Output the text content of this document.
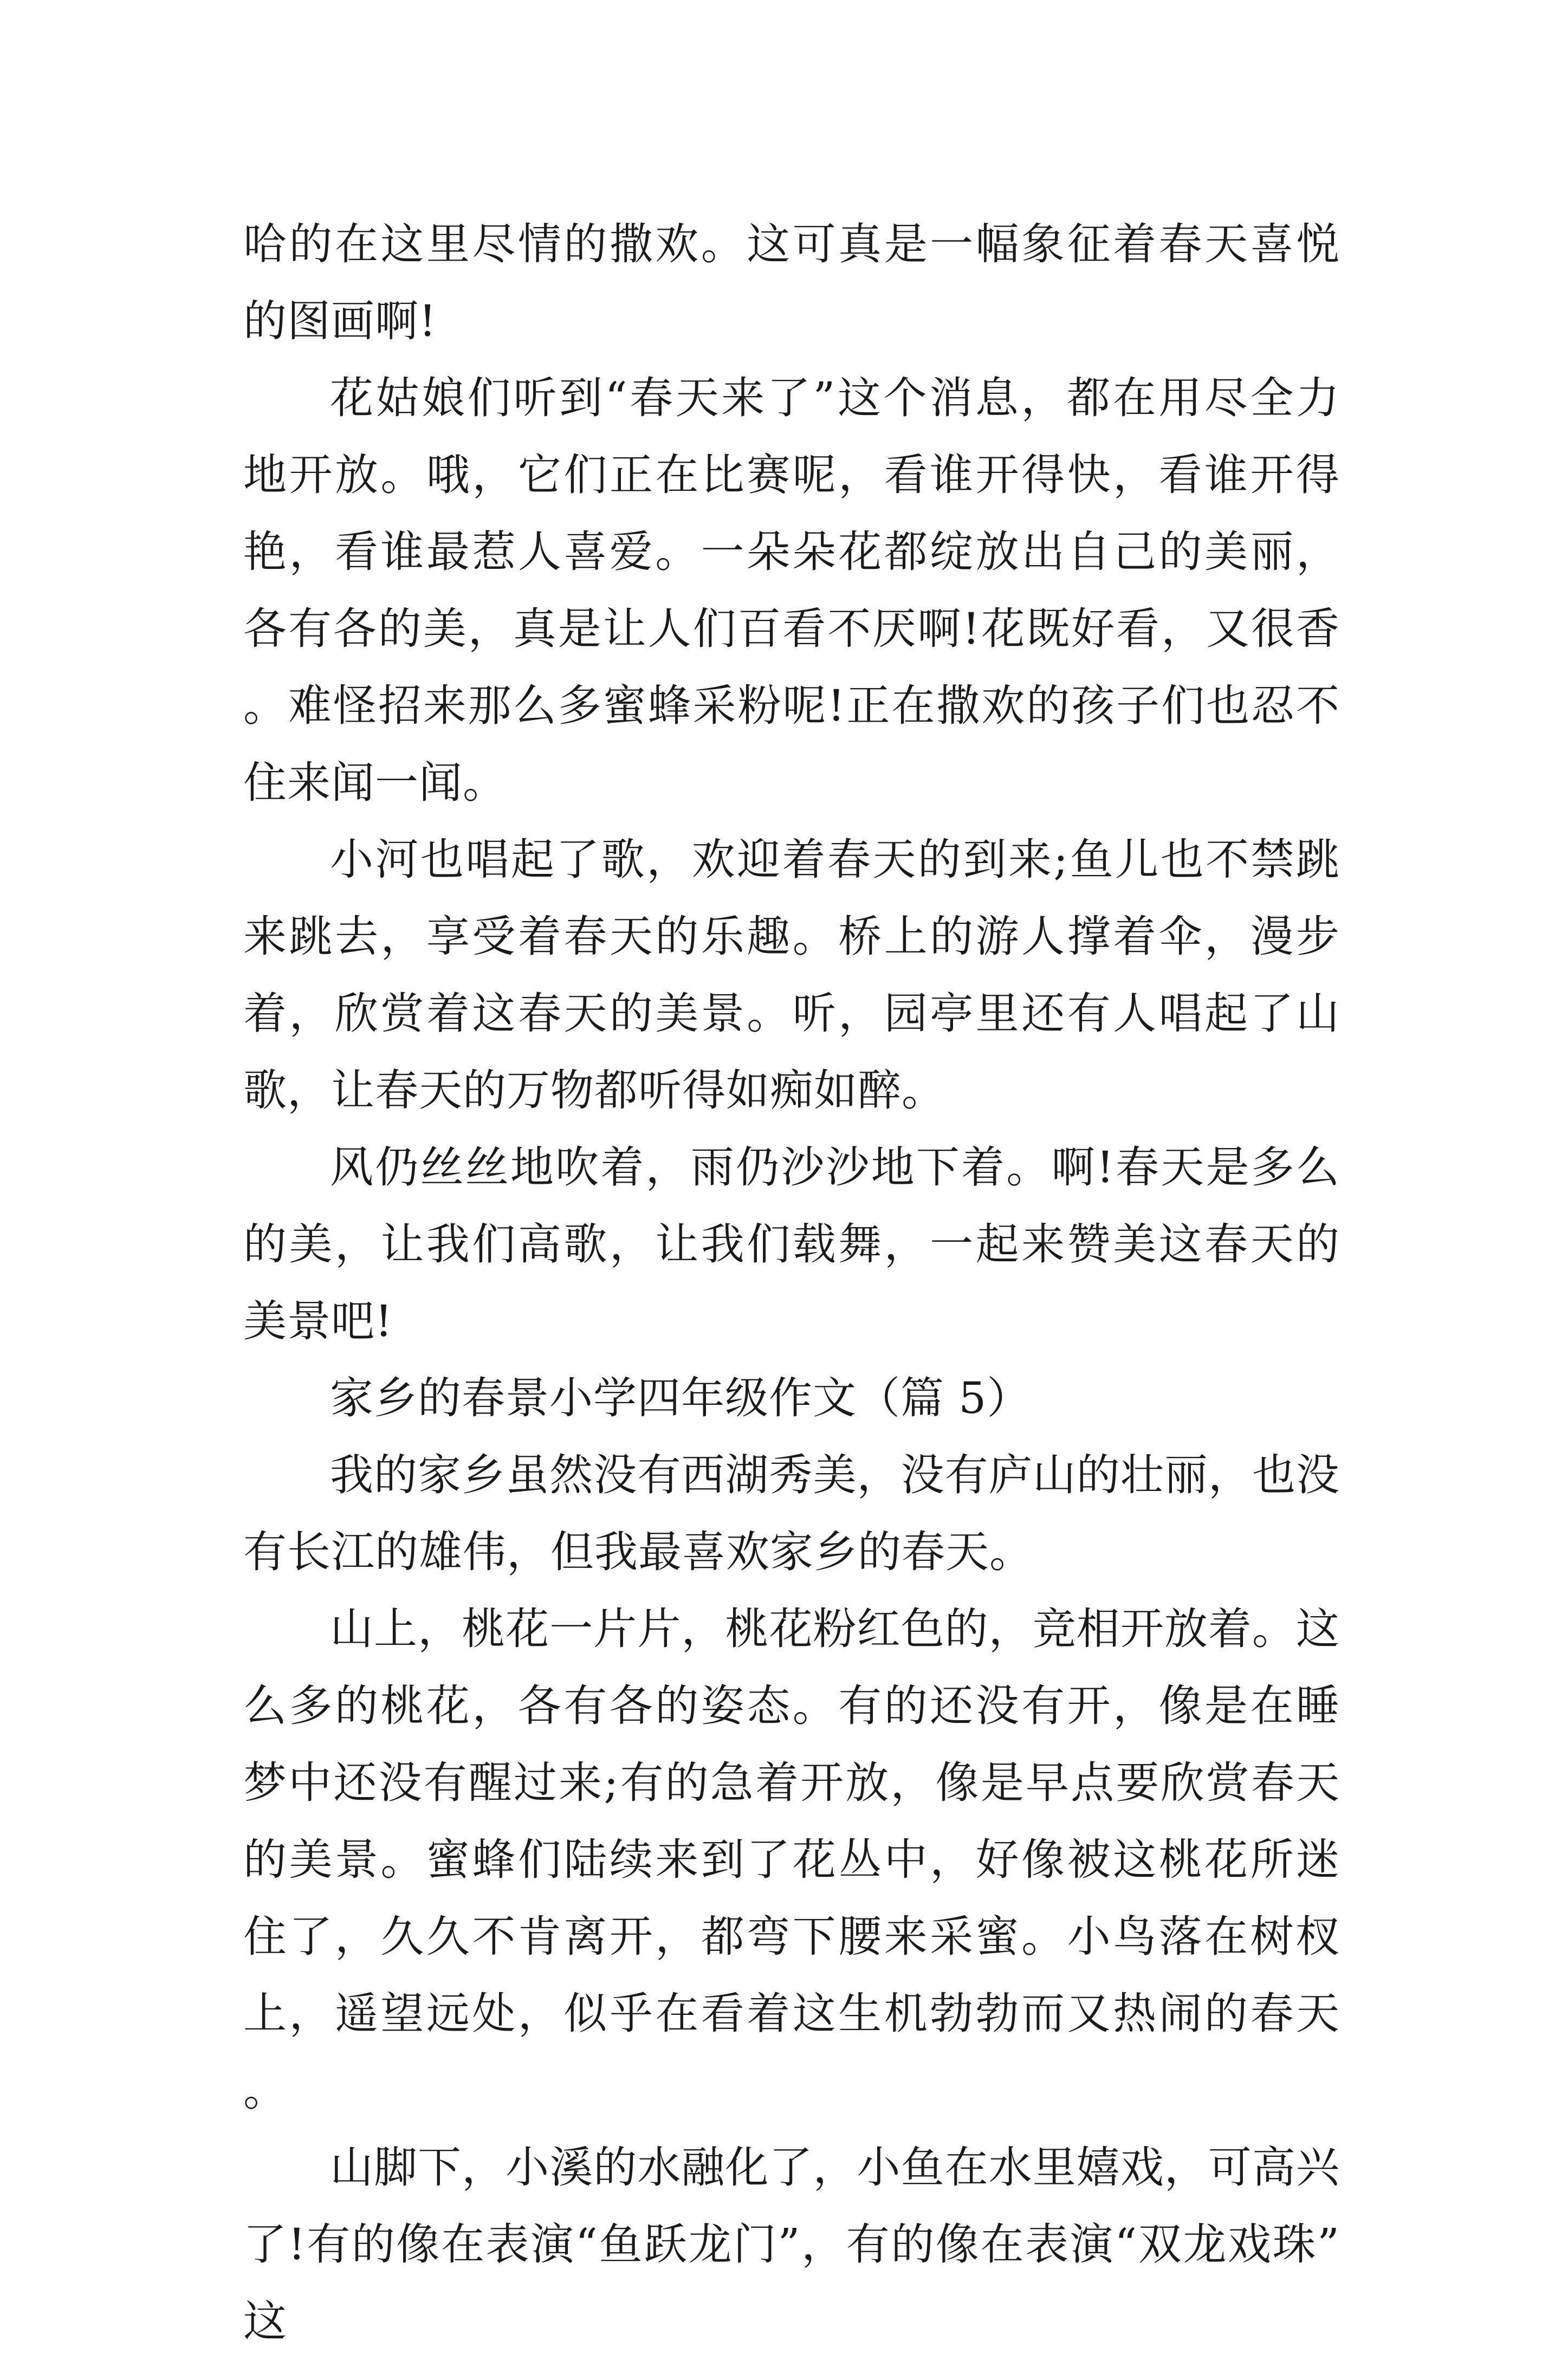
哈的在这里尽情的撒欢。这可真是一幅象征着春天喜悦的图画啊!

花姑娘们听到“春天来了”这个消息，都在用尽全力地开放。哦，它们正在比赛呢，看谁开得快，看谁开得艳，看谁最惹人喜爱。一朵朵花都绽放出自己的美丽，各有各的美，真是让人们百看不厌啊!花既好看，又很香。难怪招来那么多蜜蜂采粉呢!正在撒欢的孩子们也忍不住来闻一闻。

小河也唱起了歌，欢迎着春天的到来;鱼儿也不禁跳来跳去，享受着春天的乐趣。桥上的游人撑着伞，漫步着，欣赏着这春天的美景。听，园亭里还有人唱起了山歌，让春天的万物都听得如痴如醉。

风仍丝丝地吹着，雨仍沙沙地下着。啊!春天是多么的美，让我们高歌，让我们载舞，一起来赞美这春天的美景吧!

家乡的春景小学四年级作文（篇 5）

我的家乡虽然没有西湖秀美，没有庐山的壮丽，也没有长江的雄伟，但我最喜欢家乡的春天。

山上，桃花一片片，桃花粉红色的，竞相开放着。这么多的桃花，各有各的姿态。有的还没有开，像是在睡梦中还没有醒过来;有的急着开放，像是早点要欣赏春天的美景。蜜蜂们陆续来到了花丛中，好像被这桃花所迷住了，久久不肯离开，都弯下腰来采蜜。小鸟落在树杈上，遥望远处，似乎在看着这生机勃勃而又热闹的春天。

山脚下，小溪的水融化了，小鱼在水里嬉戏，可高兴了!有的像在表演“鱼跃龙门”，有的像在表演“双龙戏珠”这
